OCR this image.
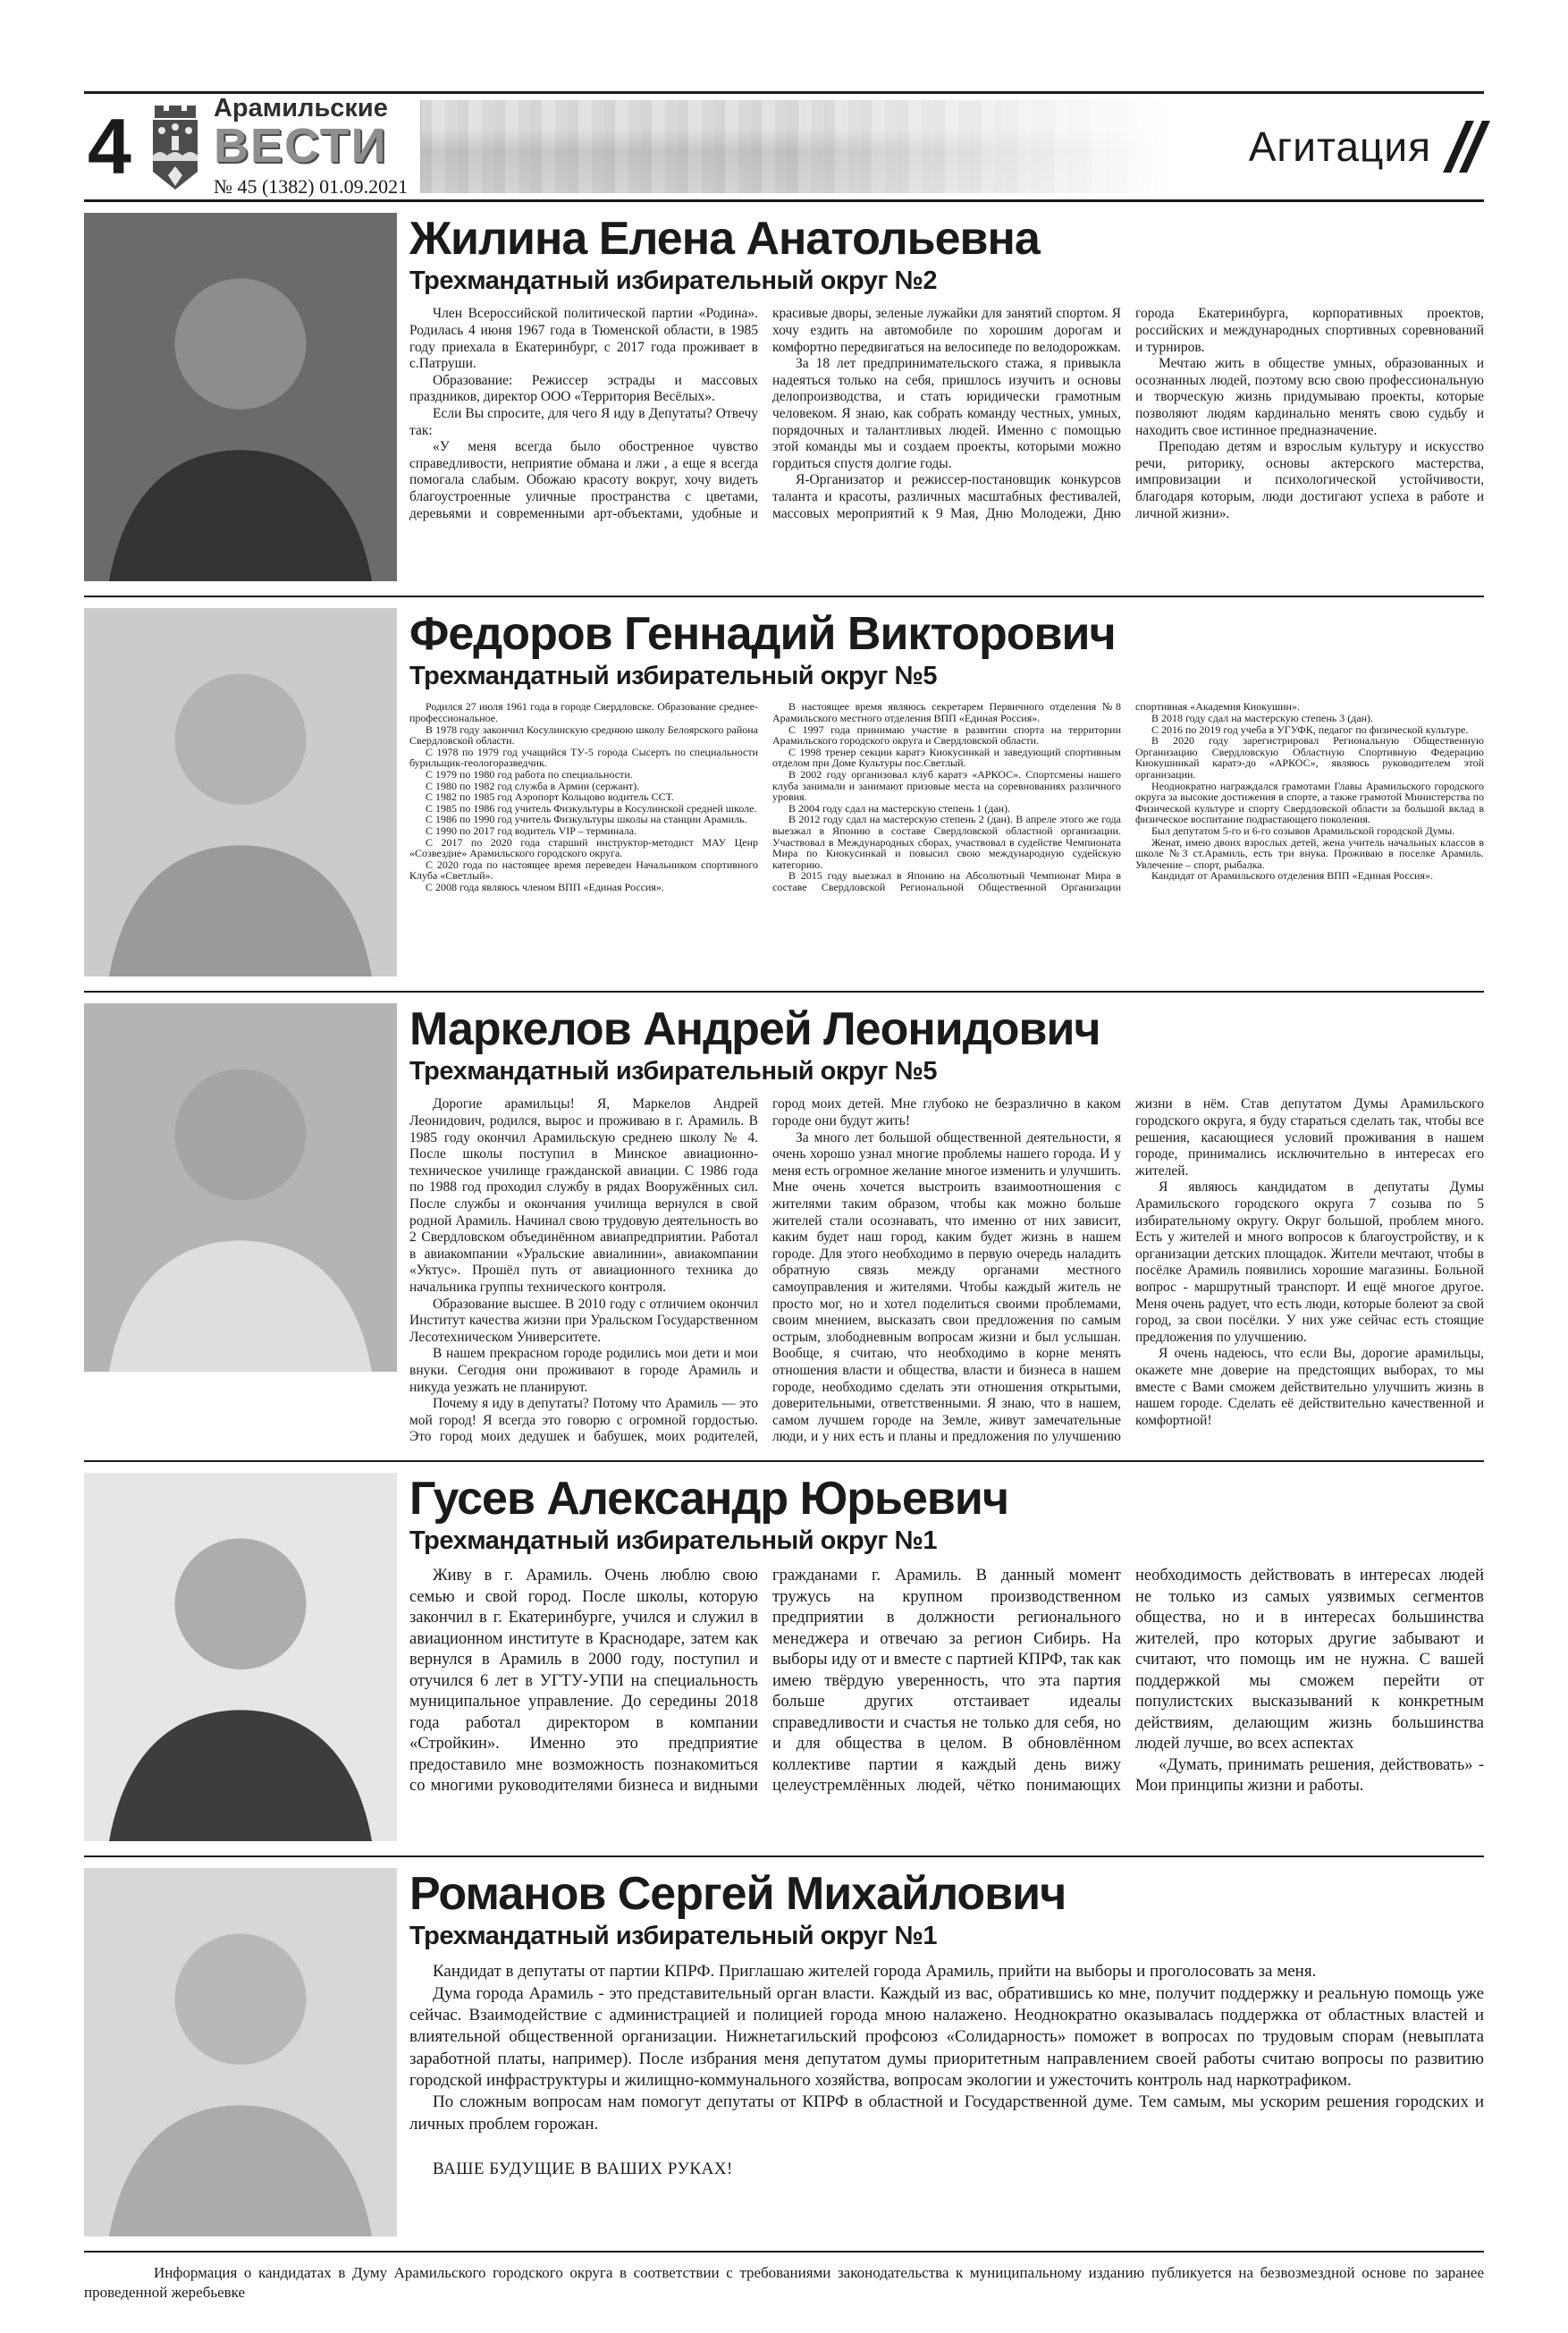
4	Арамильские
ВЕСТИ
№ 45 (1382) 01.09.2021
Агитация
Жилина Елена Анатольевна
Трехмандатный избирательный округ №2

Член Всероссийской политической партии «Родина». Родилась 4 июня 1967 года в Тюменской области, в 1985 году приехала в Екатеринбург, с 2017 года проживает в с.Патруши.

Образование: Режиссер эстрады и массовых праздников, директор ООО «Территория Весёлых».

Если Вы спросите, для чего Я иду в Депутаты? Отвечу так:

«У меня всегда было обостренное чувство справедливости, неприятие обмана и лжи , а еще я всегда помогала слабым. Обожаю красоту вокруг, хочу видеть благоустроенные уличные пространства с цветами, деревьями и современными арт-объектами, удобные и красивые дворы, зеленые лужайки для занятий спортом. Я хочу ездить на автомобиле по хорошим дорогам и комфортно передвигаться на велосипеде по велодорожкам.

За 18 лет предпринимательского стажа, я привыкла надеяться только на себя, пришлось изучить и основы делопроизводства, и стать юридически грамотным человеком. Я знаю, как собрать команду честных, умных, порядочных и талантливых людей. Именно с помощью этой команды мы и создаем проекты, которыми можно гордиться спустя долгие годы.

Я-Организатор и режиссер-постановщик конкурсов таланта и красоты, различных масштабных фестивалей, массовых мероприятий к 9 Мая, Дню Молодежи, Дню города Екатеринбурга, корпоративных проектов, российских и международных спортивных соревнований и турниров.

Мечтаю жить в обществе умных, образованных и осознанных людей, поэтому всю свою профессиональную и творческую жизнь придумываю проекты, которые позволяют людям кардинально менять свою судьбу и находить свое истинное предназначение.

Преподаю детям и взрослым культуру и искусство речи, риторику, основы актерского мастерства, импровизации и психологической устойчивости, благодаря которым, люди достигают успеха в работе и личной жизни».

Федоров Геннадий Викторович
Трехмандатный избирательный округ №5

Родился 27 июля 1961 года в городе Свердловске. Образование среднее-профессиональное.

В 1978 году закончил Косулинскую среднюю школу Белоярского района Свердловской области.

С 1978 по 1979 год учащийся ТУ-5 города Сысерть по специальности бурильщик-геологоразведчик.

С 1979 по 1980 год работа по специальности.

С 1980 по 1982 год служба в Армии (сержант).

С 1982 по 1985 год Аэропорт Кольцово водитель ССТ.

С 1985 по 1986 год учитель Физкультуры в Косулинской средней школе.

С 1986 по 1990 год учитель Физкультуры школы на станции Арамиль.

С 1990 по 2017 год водитель VIP – терминала.

С 2017 по 2020 года старший инструктор-методист МАУ Ценр «Созвездие» Арамильского городского округа.

С 2020 года по настоящее время переведен Начальником спортивного Клуба «Светлый».

С 2008 года являюсь членом ВПП «Единая Россия».

В настоящее время являюсь секретарем Первичного отделения №8 Арамильского местного отделения ВПП «Единая Россия».

С 1997 года принимаю участие в развитии спорта на территории Арамильского городского округа и Свердловской области.

С 1998 тренер секции каратэ Киокусинкай и заведующий спортивным отделом при Доме Культуры пос.Светлый.

В 2002 году организовал клуб каратэ «АРКОС». Спортсмены нашего клуба занимали и занимают призовые места на соревнованиях различного уровня.

В 2004 году сдал на мастерскую степень 1 (дан).

В 2012 году сдал на мастерскую степень 2 (дан). В апреле этого же года выезжал в Японию в составе Свердловской областной организации. Участвовал в Международных сборах, участвовал в судействе Чемпионата Мира по Киокусинкай и повысил свою международную судейскую категорию.

В 2015 году выезжал в Японию на Абсолютный Чемпионат Мира в составе Свердловской Региональной Общественной Организации спортивная «Академия Киокушин».

В 2018 году сдал на мастерскую степень 3 (дан).

С 2016 по 2019 год учеба в УГУФК, педагог по физической культуре.

В 2020 году зарегистрировал Региональную Общественную Организацию Свердловскую Областную Спортивную Федерацию Киокушинкай каратэ-до «АРКОС», являюсь руководителем этой организации.

Неоднократно награждался грамотами Главы Арамильского городского округа за высокие достижения в спорте, а также грамотой Министерства по Физической культуре и спорту Свердловской области за большой вклад в физическое воспитание подрастающего поколения.

Был депутатом 5-го и 6-го созывов Арамильской городской Думы.

Женат, имею двоих взрослых детей, жена учитель начальных классов в школе №3 ст.Арамиль, есть три внука. Проживаю в поселке Арамиль. Увлечение – спорт, рыбалка.

Кандидат от Арамильского отделения ВПП «Единая Россия».

Маркелов Андрей Леонидович
Трехмандатный избирательный округ №5

Дорогие арамильцы! Я, Маркелов Андрей Леонидович, родился, вырос и проживаю в г. Арамиль. В 1985 году окончил Арамильскую среднею школу № 4. После школы поступил в Минское авиационно-техническое училище гражданской авиации. С 1986 года по 1988 год проходил службу в рядах Вооружённых сил. После службы и окончания училища вернулся в свой родной Арамиль. Начинал свою трудовую деятельность во 2 Свердловском объединённом авиапредприятии. Работал в авиакомпании «Уральские авиалинии», авиакомпании «Уктус». Прошёл путь от авиационного техника до начальника группы технического контроля.

Образование высшее. В 2010 году с отличием окончил Институт качества жизни при Уральском Государственном Лесотехническом Университете.

В нашем прекрасном городе родились мои дети и мои внуки. Сегодня они проживают в городе Арамиль и никуда уезжать не планируют.

Почему я иду в депутаты? Потому что Арамиль — это мой город! Я всегда это говорю с огромной гордостью. Это город моих дедушек и бабушек, моих родителей, город моих детей. Мне глубоко не безразлично в каком городе они будут жить!

За много лет большой общественной деятельности, я очень хорошо узнал многие проблемы нашего города. И у меня есть огромное желание многое изменить и улучшить. Мне очень хочется выстроить взаимоотношения с жителями таким образом, чтобы как можно больше жителей стали осознавать, что именно от них зависит, каким будет наш город, каким будет жизнь в нашем городе. Для этого необходимо в первую очередь наладить обратную связь между органами местного самоуправления и жителями. Чтобы каждый житель не просто мог, но и хотел поделиться своими проблемами, своим мнением, высказать свои предложения по самым острым, злободневным вопросам жизни и был услышан. Вообще, я считаю, что необходимо в корне менять отношения власти и общества, власти и бизнеса в нашем городе, необходимо сделать эти отношения открытыми, доверительными, ответственными. Я знаю, что в нашем, самом лучшем городе на Земле, живут замечательные люди, и у них есть и планы и предложения по улучшению жизни в нём. Став депутатом Думы Арамильского городского округа, я буду стараться сделать так, чтобы все решения, касающиеся условий проживания в нашем городе, принимались исключительно в интересах его жителей.

Я являюсь кандидатом в депутаты Думы Арамильского городского округа 7 созыва по 5 избирательному округу. Округ большой, проблем много. Есть у жителей и много вопросов к благоустройству, и к организации детских площадок. Жители мечтают, чтобы в посёлке Арамиль появились хорошие магазины. Больной вопрос - маршрутный транспорт. И ещё многое другое. Меня очень радует, что есть люди, которые болеют за свой город, за свои посёлки. У них уже сейчас есть стоящие предложения по улучшению.

Я очень надеюсь, что если Вы, дорогие арамильцы, окажете мне доверие на предстоящих выборах, то мы вместе с Вами сможем действительно улучшить жизнь в нашем городе. Сделать её действительно качественной и комфортной!

Гусев Александр Юрьевич
Трехмандатный избирательный округ №1

Живу в г. Арамиль. Очень люблю свою семью и свой город. После школы, которую закончил в г. Екатеринбурге, учился и служил в авиационном институте в Краснодаре, затем как вернулся в Арамиль в 2000 году, поступил и отучился 6 лет в УГТУ-УПИ на специальность муниципальное управление. До середины 2018 года работал директором в компании «Стройкин». Именно это предприятие предоставило мне возможность познакомиться со многими руководителями бизнеса и видными гражданами г. Арамиль. В данный момент тружусь на крупном производственном предприятии в должности регионального менеджера и отвечаю за регион Сибирь. На выборы иду от и вместе с партией КПРФ, так как имею твёрдую уверенность, что эта партия больше других отстаивает идеалы справедливости и счастья не только для себя, но и для общества в целом. В обновлённом коллективе партии я каждый день вижу целеустремлённых людей, чётко понимающих необходимость действовать в интересах людей не только из самых уязвимых сегментов общества, но и в интересах большинства жителей, про которых другие забывают и считают, что помощь им не нужна. С вашей поддержкой мы сможем перейти от популистских высказываний к конкретным действиям, делающим жизнь большинства людей лучше, во всех аспектах

«Думать, принимать решения, действовать» - Мои принципы жизни и работы.

Романов Сергей Михайлович
Трехмандатный избирательный округ №1

Кандидат в депутаты от партии КПРФ. Приглашаю жителей города Арамиль, прийти на выборы и проголосовать за меня.

Дума города Арамиль - это представительный орган власти. Каждый из вас, обратившись ко мне, получит поддержку и реальную помощь уже сейчас. Взаимодействие с администрацией и полицией города мною налажено. Неоднократно оказывалась поддержка от областных властей и влиятельной общественной организации. Нижнетагильский профсоюз «Солидарность» поможет в вопросах по трудовым спорам (невыплата заработной платы, например). После избрания меня депутатом думы приоритетным направлением своей работы считаю вопросы по развитию городской инфраструктуры и жилищно-коммунального хозяйства, вопросам экологии и ужесточить контроль над наркотрафиком.

По сложным вопросам нам помогут депутаты от КПРФ в областной и Государственной думе. Тем самым, мы ускорим решения городских и личных проблем горожан.

ВАШЕ БУДУЩИЕ В ВАШИХ РУКАХ!

Информация о кандидатах в Думу Арамильского городского округа в соответствии с требованиями законодательства к муниципальному изданию публикуется на безвозмездной основе по заранее проведенной жеребьевке
